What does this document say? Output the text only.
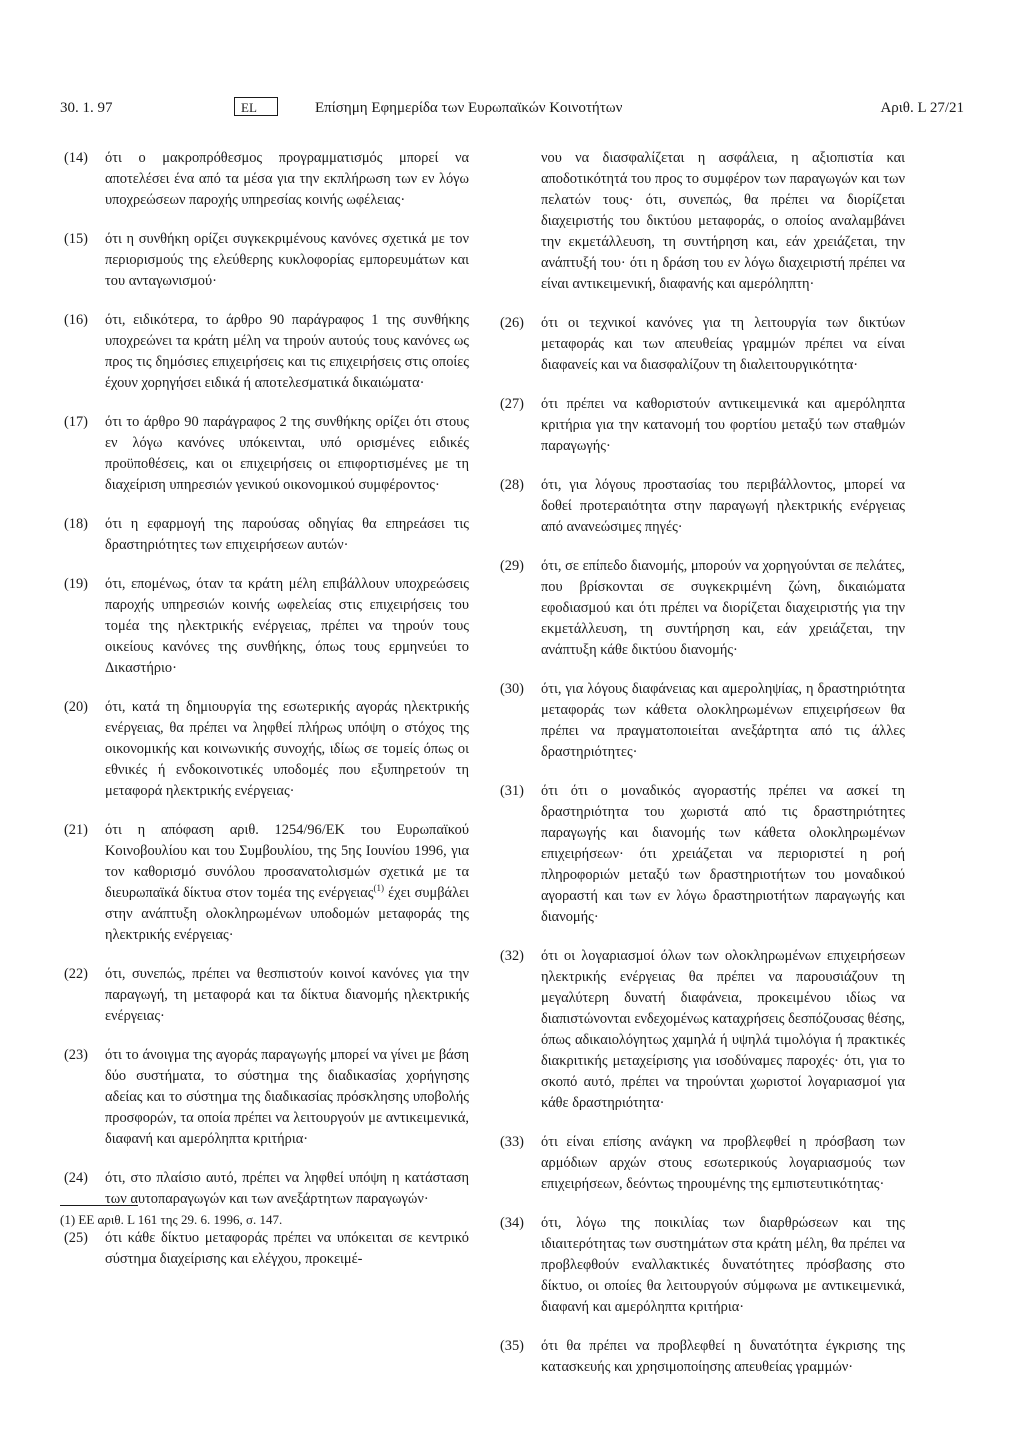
30. 1. 97	EL	Επίσημη Εφημερίδα των Ευρωπαϊκών Κοινοτήτων	Αριθ. L 27/21
(14) ότι ο μακροπρόθεσμος προγραμματισμός μπορεί να αποτελέσει ένα από τα μέσα για την εκπλήρωση των εν λόγω υποχρεώσεων παροχής υπηρεσίας κοινής ωφέλειας·
(15) ότι η συνθήκη ορίζει συγκεκριμένους κανόνες σχετικά με τον περιορισμούς της ελεύθερης κυκλοφορίας εμπορευμάτων και του ανταγωνισμού·
(16) ότι, ειδικότερα, το άρθρο 90 παράγραφος 1 της συνθήκης υποχρεώνει τα κράτη μέλη να τηρούν αυτούς τους κανόνες ως προς τις δημόσιες επιχειρήσεις και τις επιχειρήσεις στις οποίες έχουν χορηγήσει ειδικά ή αποτελεσματικά δικαιώματα·
(17) ότι το άρθρο 90 παράγραφος 2 της συνθήκης ορίζει ότι στους εν λόγω κανόνες υπόκεινται, υπό ορισμένες ειδικές προϋποθέσεις, και οι επιχειρήσεις οι επιφορτισμένες με τη διαχείριση υπηρεσιών γενικού οικονομικού συμφέροντος·
(18) ότι η εφαρμογή της παρούσας οδηγίας θα επηρεάσει τις δραστηριότητες των επιχειρήσεων αυτών·
(19) ότι, επομένως, όταν τα κράτη μέλη επιβάλλουν υποχρεώσεις παροχής υπηρεσιών κοινής ωφελείας στις επιχειρήσεις του τομέα της ηλεκτρικής ενέργειας, πρέπει να τηρούν τους οικείους κανόνες της συνθήκης, όπως τους ερμηνεύει το Δικαστήριο·
(20) ότι, κατά τη δημιουργία της εσωτερικής αγοράς ηλεκτρικής ενέργειας, θα πρέπει να ληφθεί πλήρως υπόψη ο στόχος της οικονομικής και κοινωνικής συνοχής, ιδίως σε τομείς όπως οι εθνικές ή ενδοκοινοτικές υποδομές που εξυπηρετούν τη μεταφορά ηλεκτρικής ενέργειας·
(21) ότι η απόφαση αριθ. 1254/96/ΕΚ του Ευρωπαϊκού Κοινοβουλίου και του Συμβουλίου, της 5ης Ιουνίου 1996, για τον καθορισμό συνόλου προσανατολισμών σχετικά με τα διευρωπαϊκά δίκτυα στον τομέα της ενέργειας$^{(1)}$ έχει συμβάλει στην ανάπτυξη ολοκληρωμένων υποδομών μεταφοράς της ηλεκτρικής ενέργειας·
(22) ότι, συνεπώς, πρέπει να θεσπιστούν κοινοί κανόνες για την παραγωγή, τη μεταφορά και τα δίκτυα διανομής ηλεκτρικής ενέργειας·
(23) ότι το άνοιγμα της αγοράς παραγωγής μπορεί να γίνει με βάση δύο συστήματα, το σύστημα της διαδικασίας χορήγησης αδείας και το σύστημα της διαδικασίας πρόσκλησης υποβολής προσφορών, τα οποία πρέπει να λειτουργούν με αντικειμενικά, διαφανή και αμερόληπτα κριτήρια·
(24) ότι, στο πλαίσιο αυτό, πρέπει να ληφθεί υπόψη η κατάσταση των αυτοπαραγωγών και των ανεξάρτητων παραγωγών·
(25) ότι κάθε δίκτυο μεταφοράς πρέπει να υπόκειται σε κεντρικό σύστημα διαχείρισης και ελέγχου, προκειμέ-
(1) ΕΕ αριθ. L 161 της 29. 6. 1996, σ. 147.
νου να διασφαλίζεται η ασφάλεια, η αξιοπιστία και αποδοτικότητά του προς το συμφέρον των παραγωγών και των πελατών τους· ότι, συνεπώς, θα πρέπει να διορίζεται διαχειριστής του δικτύου μεταφοράς, ο οποίος αναλαμβάνει την εκμετάλλευση, τη συντήρηση και, εάν χρειάζεται, την ανάπτυξή του· ότι η δράση του εν λόγω διαχειριστή πρέπει να είναι αντικειμενική, διαφανής και αμερόληπτη·
(26) ότι οι τεχνικοί κανόνες για τη λειτουργία των δικτύων μεταφοράς και των απευθείας γραμμών πρέπει να είναι διαφανείς και να διασφαλίζουν τη διαλειτουργικότητα·
(27) ότι πρέπει να καθοριστούν αντικειμενικά και αμερόληπτα κριτήρια για την κατανομή του φορτίου μεταξύ των σταθμών παραγωγής·
(28) ότι, για λόγους προστασίας του περιβάλλοντος, μπορεί να δοθεί προτεραιότητα στην παραγωγή ηλεκτρικής ενέργειας από ανανεώσιμες πηγές·
(29) ότι, σε επίπεδο διανομής, μπορούν να χορηγούνται σε πελάτες, που βρίσκονται σε συγκεκριμένη ζώνη, δικαιώματα εφοδιασμού και ότι πρέπει να διορίζεται διαχειριστής για την εκμετάλλευση, τη συντήρηση και, εάν χρειάζεται, την ανάπτυξη κάθε δικτύου διανομής·
(30) ότι, για λόγους διαφάνειας και αμεροληψίας, η δραστηριότητα μεταφοράς των κάθετα ολοκληρωμένων επιχειρήσεων θα πρέπει να πραγματοποιείται ανεξάρτητα από τις άλλες δραστηριότητες·
(31) ότι ότι ο μοναδικός αγοραστής πρέπει να ασκεί τη δραστηριότητα του χωριστά από τις δραστηριότητες παραγωγής και διανομής των κάθετα ολοκληρωμένων επιχειρήσεων· ότι χρειάζεται να περιοριστεί η ροή πληροφοριών μεταξύ των δραστηριοτήτων του μοναδικού αγοραστή και των εν λόγω δραστηριοτήτων παραγωγής και διανομής·
(32) ότι οι λογαριασμοί όλων των ολοκληρωμένων επιχειρήσεων ηλεκτρικής ενέργειας θα πρέπει να παρουσιάζουν τη μεγαλύτερη δυνατή διαφάνεια, προκειμένου ιδίως να διαπιστώνονται ενδεχομένως καταχρήσεις δεσπόζουσας θέσης, όπως αδικαιολόγητως χαμηλά ή υψηλά τιμολόγια ή πρακτικές διακριτικής μεταχείρισης για ισοδύναμες παροχές· ότι, για το σκοπό αυτό, πρέπει να τηρούνται χωριστοί λογαριασμοί για κάθε δραστηριότητα·
(33) ότι είναι επίσης ανάγκη να προβλεφθεί η πρόσβαση των αρμόδιων αρχών στους εσωτερικούς λογαριασμούς των επιχειρήσεων, δεόντως τηρουμένης της εμπιστευτικότητας·
(34) ότι, λόγω της ποικιλίας των διαρθρώσεων και της ιδιαιτερότητας των συστημάτων στα κράτη μέλη, θα πρέπει να προβλεφθούν εναλλακτικές δυνατότητες πρόσβασης στο δίκτυο, οι οποίες θα λειτουργούν σύμφωνα με αντικειμενικά, διαφανή και αμερόληπτα κριτήρια·
(35) ότι θα πρέπει να προβλεφθεί η δυνατότητα έγκρισης της κατασκευής και χρησιμοποίησης απευθείας γραμμών·
